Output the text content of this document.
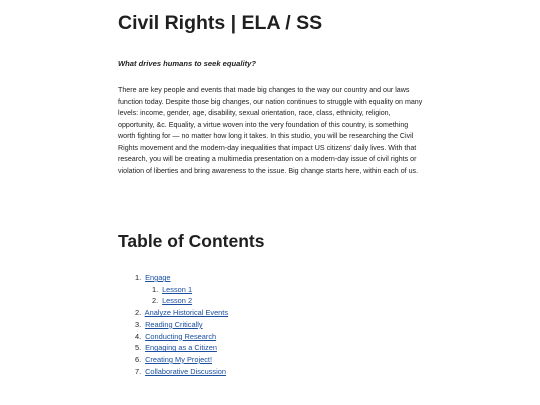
Civil Rights | ELA / SS

What drives humans to seek equality?

There are key people and events that made big changes to the way our country and our laws function today. Despite those big changes, our nation continues to struggle with equality on many levels: income, gender, age, disability, sexual orientation, race, class, ethnicity, religion, opportunity, &c. Equality, a virtue woven into the very foundation of this country, is something worth fighting for — no matter how long it takes. In this studio, you will be researching the Civil Rights movement and the modern-day inequalities that impact US citizens' daily lives. With that research, you will be creating a multimedia presentation on a modern-day issue of civil rights or violation of liberties and bring awareness to the issue. Big change starts here, within each of us.

Table of Contents
1. Engage
1. Lesson 1
2. Lesson 2
2. Analyze Historical Events
3. Reading Critically
4. Conducting Research
5. Engaging as a Citizen
6. Creating My Project!
7. Collaborative Discussion
